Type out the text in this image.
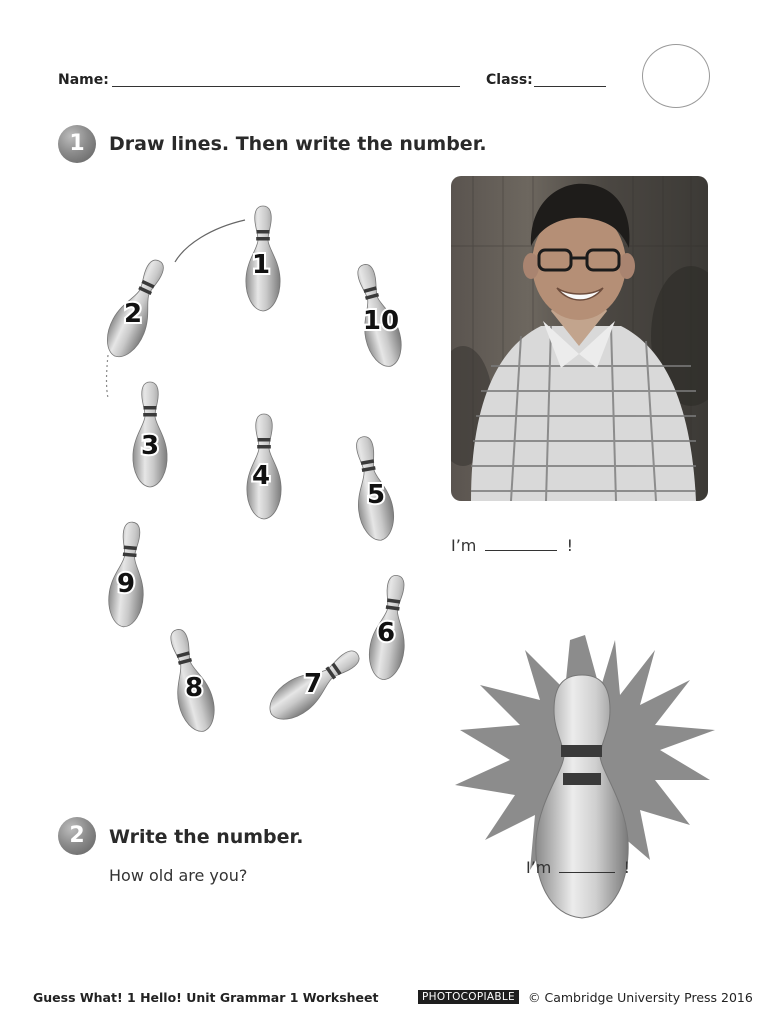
Name:	Class:
1	Draw lines. Then write the number.
1
2	10
3
4
5
9
6
8	7
I’m	!
I’m	!
2	Write the number.
How old are you?
Guess What! 1 Hello! Unit Grammar 1 Worksheet	PHOTOCOPIABLE	© Cambridge University Press 2016
